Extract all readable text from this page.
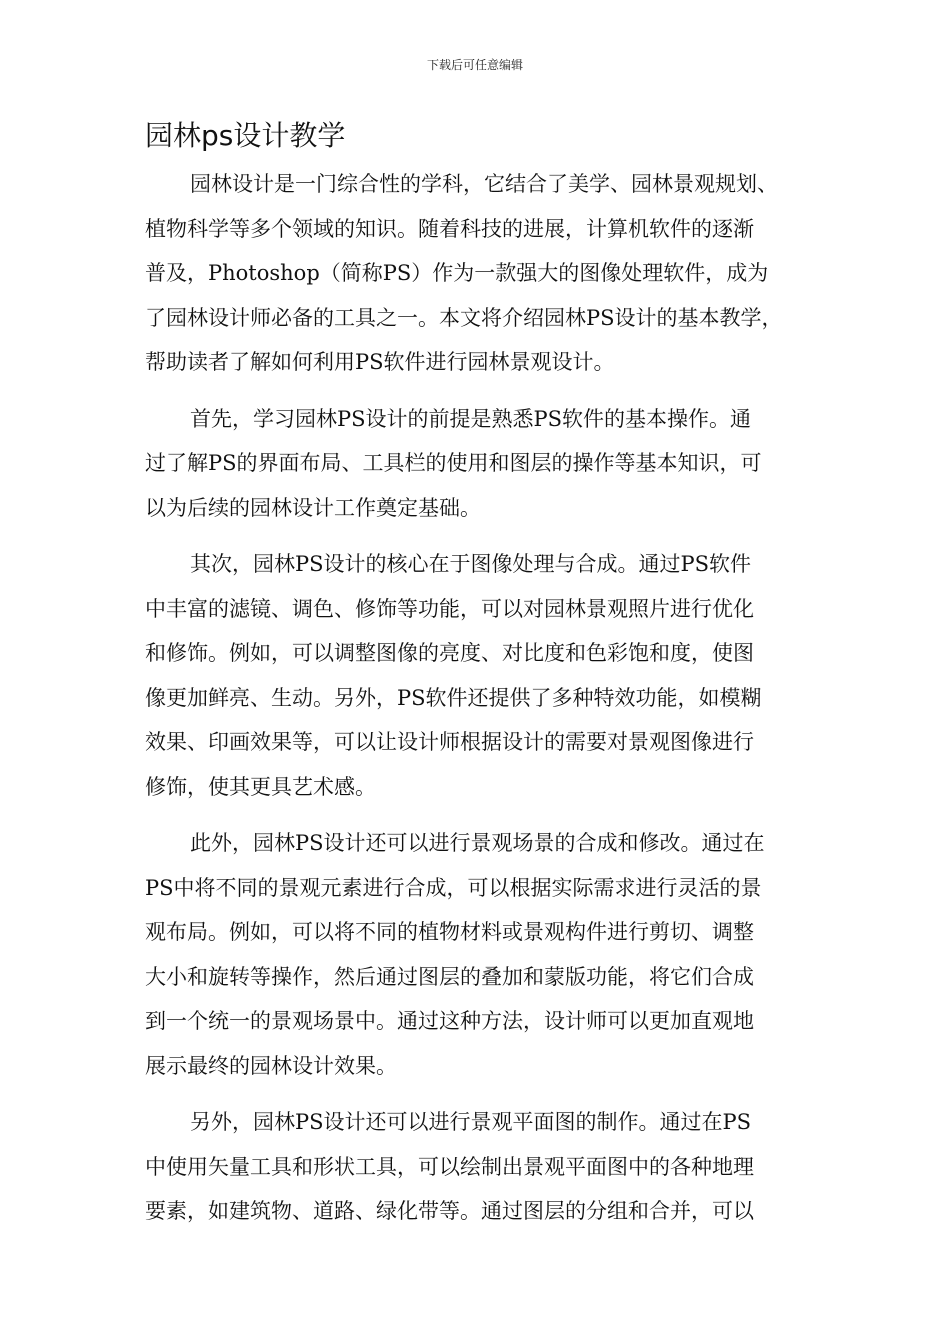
下载后可任意编辑
园林ps设计教学

园林设计是一门综合性的学科，它结合了美学、园林景观规划、
植物科学等多个领域的知识。随着科技的进展，计算机软件的逐渐
普及，Photoshop（简称PS）作为一款强大的图像处理软件，成为
了园林设计师必备的工具之一。本文将介绍园林PS设计的基本教学，
帮助读者了解如何利用PS软件进行园林景观设计。

首先，学习园林PS设计的前提是熟悉PS软件的基本操作。通
过了解PS的界面布局、工具栏的使用和图层的操作等基本知识，可
以为后续的园林设计工作奠定基础。

其次，园林PS设计的核心在于图像处理与合成。通过PS软件
中丰富的滤镜、调色、修饰等功能，可以对园林景观照片进行优化
和修饰。例如，可以调整图像的亮度、对比度和色彩饱和度，使图
像更加鲜亮、生动。另外，PS软件还提供了多种特效功能，如模糊
效果、印画效果等，可以让设计师根据设计的需要对景观图像进行
修饰，使其更具艺术感。

此外，园林PS设计还可以进行景观场景的合成和修改。通过在
PS中将不同的景观元素进行合成，可以根据实际需求进行灵活的景
观布局。例如，可以将不同的植物材料或景观构件进行剪切、调整
大小和旋转等操作，然后通过图层的叠加和蒙版功能，将它们合成
到一个统一的景观场景中。通过这种方法，设计师可以更加直观地
展示最终的园林设计效果。

另外，园林PS设计还可以进行景观平面图的制作。通过在PS
中使用矢量工具和形状工具，可以绘制出景观平面图中的各种地理
要素，如建筑物、道路、绿化带等。通过图层的分组和合并，可以
